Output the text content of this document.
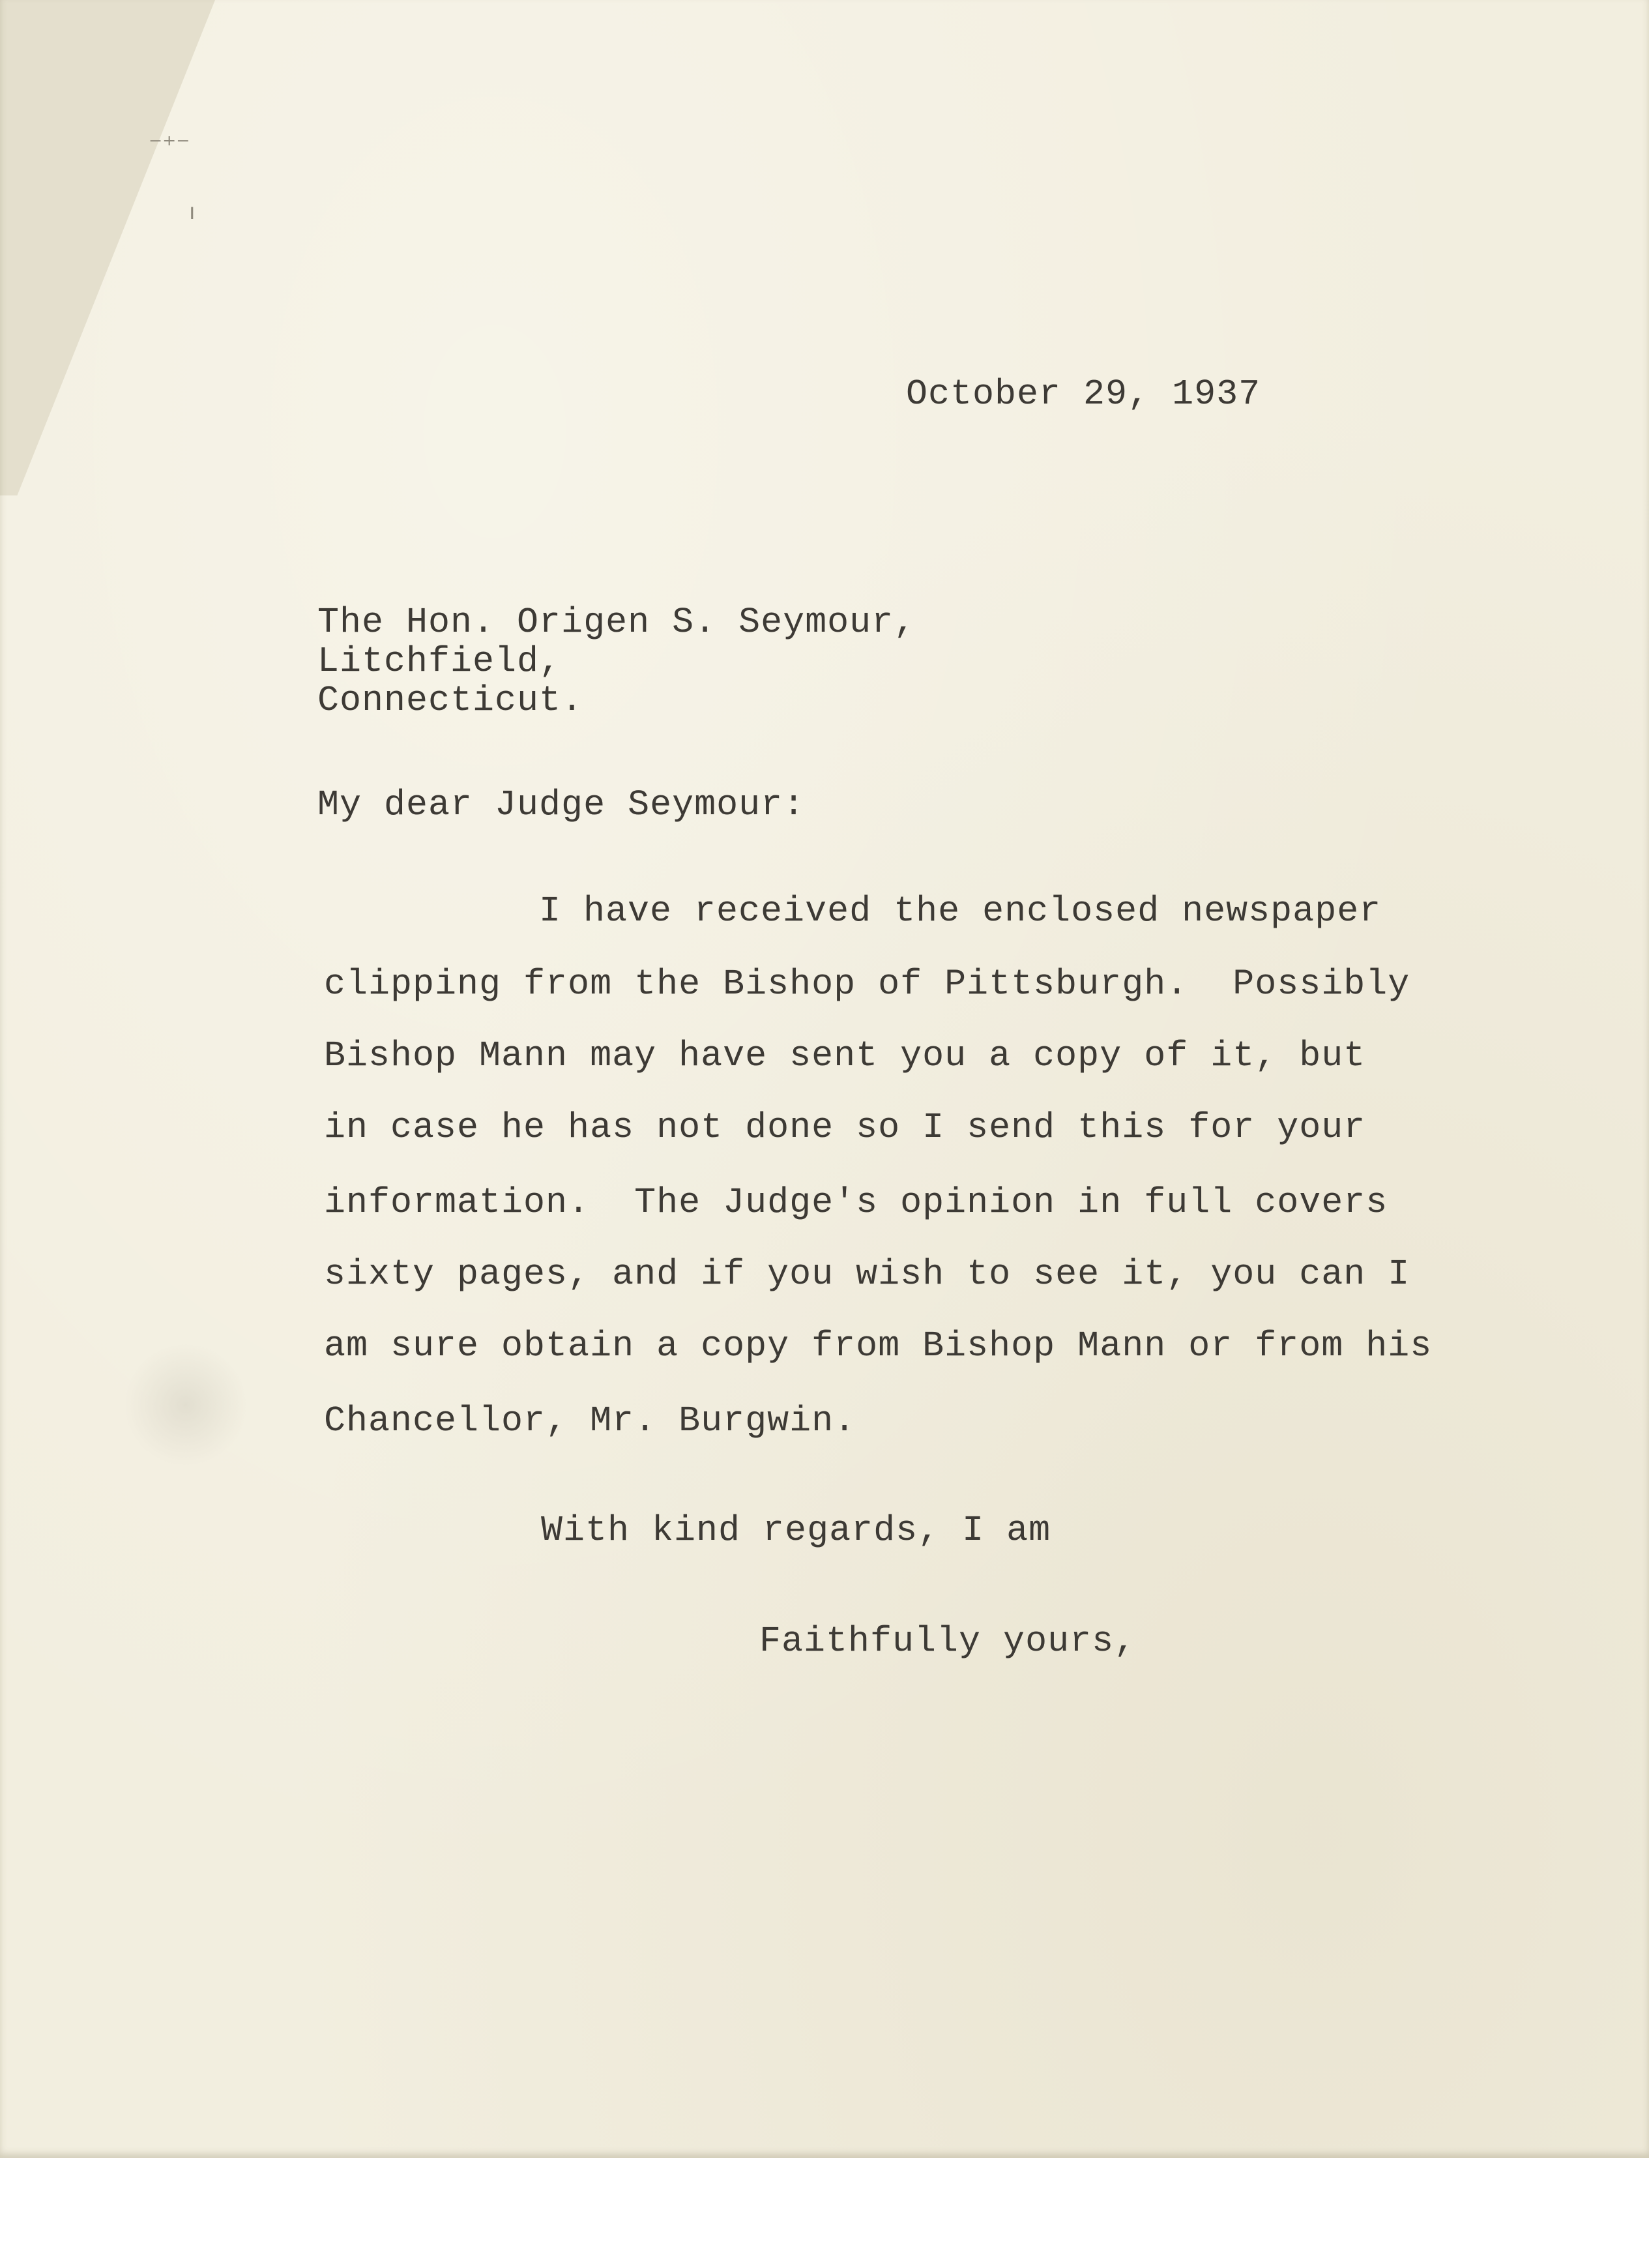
⁻⁺⁻
ı
October 29, 1937
The Hon. Origen S. Seymour,
Litchfield,
Connecticut.
My dear Judge Seymour:
I have received the enclosed newspaper
clipping from the Bishop of Pittsburgh.  Possibly
Bishop Mann may have sent you a copy of it, but
in case he has not done so I send this for your
information.  The Judge's opinion in full covers
sixty pages, and if you wish to see it, you can I
am sure obtain a copy from Bishop Mann or from his
Chancellor, Mr. Burgwin.
With kind regards, I am
Faithfully yours,
